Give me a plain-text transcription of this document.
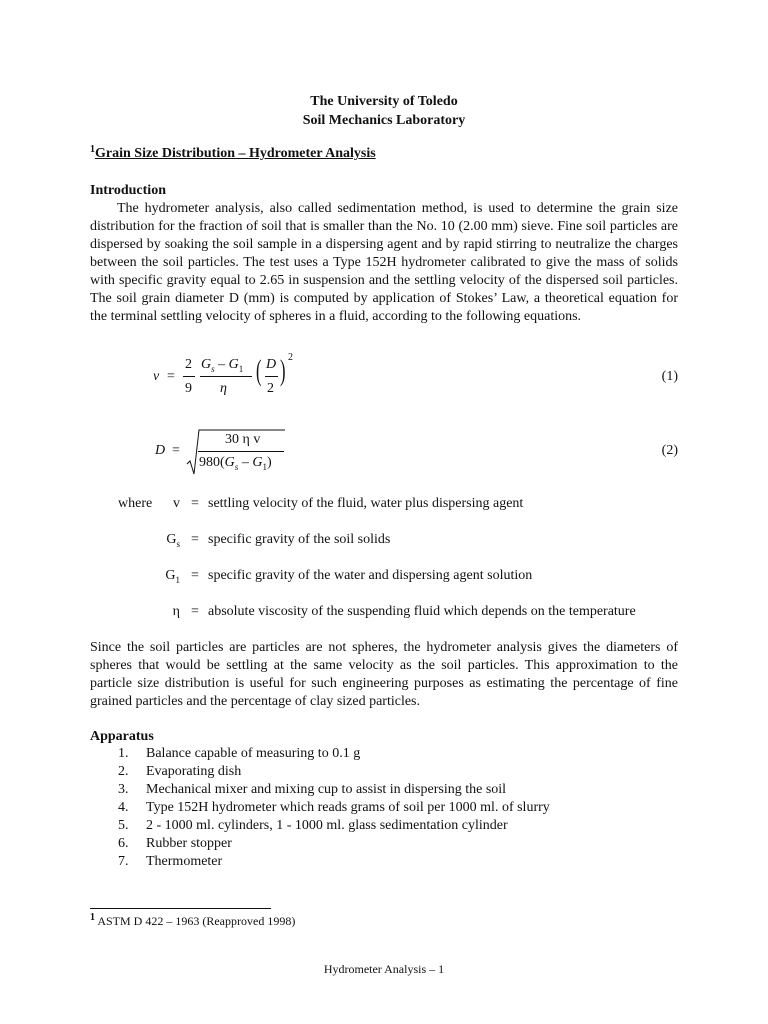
The University of Toledo
Soil Mechanics Laboratory
$^1$Grain Size Distribution – Hydrometer Analysis
Introduction
The hydrometer analysis, also called sedimentation method, is used to determine the grain size distribution for the fraction of soil that is smaller than the No. 10 (2.00 mm) sieve. Fine soil particles are dispersed by soaking the soil sample in a dispersing agent and by rapid stirring to neutralize the charges between the soil particles. The test uses a Type 152H hydrometer calibrated to give the mass of solids with specific gravity equal to 2.65 in suspension and the settling velocity of the dispersed soil particles. The soil grain diameter D (mm) is computed by application of Stokes’ Law, a theoretical equation for the terminal settling velocity of spheres in a fluid, according to the following equations.
v =
2
9
$G_s - G_1$
η
( D
2
) 2
(1)
D =
30 η v
$980(G_s - G_1)$
(2)
where	v = settling velocity of the fluid, water plus dispersing agent
$G_s$ = specific gravity of the soil solids
$G_1$ = specific gravity of the water and dispersing agent solution
η = absolute viscosity of the suspending fluid which depends on the temperature
Since the soil particles are particles are not spheres, the hydrometer analysis gives the diameters of spheres that would be settling at the same velocity as the soil particles. This approximation to the particle size distribution is useful for such engineering purposes as estimating the percentage of fine grained particles and the percentage of clay sized particles.
Apparatus
1.	Balance capable of measuring to 0.1 g
2.	Evaporating dish
3.	Mechanical mixer and mixing cup to assist in dispersing the soil
4.	Type 152H hydrometer which reads grams of soil per 1000 ml. of slurry
5.	2 - 1000 ml. cylinders, 1 - 1000 ml. glass sedimentation cylinder
6.	Rubber stopper
7.	Thermometer
$^1$ ASTM D 422 – 1963 (Reapproved 1998)
Hydrometer Analysis – 1
